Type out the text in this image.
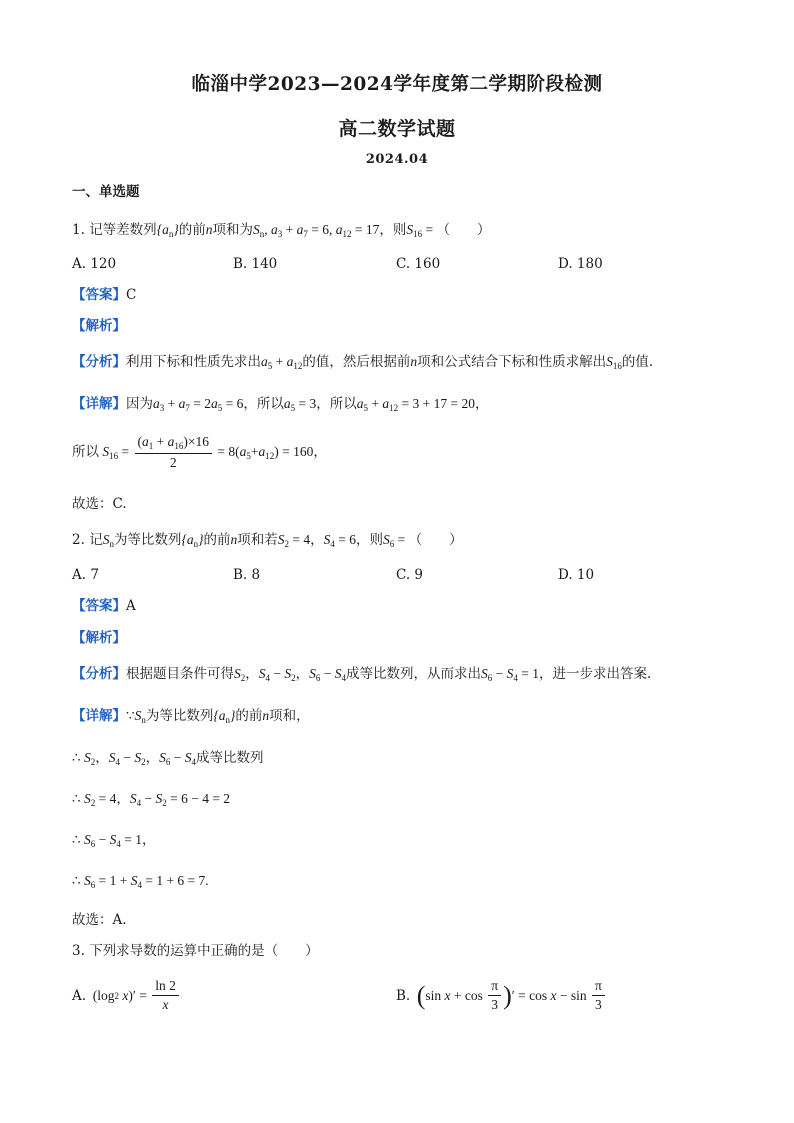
临淄中学2023—2024学年度第二学期阶段检测
高二数学试题
2024.04
一、单选题
1. 记等差数列$\{a_n\}$的前n项和为$S_n$, $a_3 + a_7 = 6$, $a_{12} = 17$，则$S_{16}$ = （　　）
A. 120	B. 140	C. 160	D. 180
【答案】C
【解析】
【分析】利用下标和性质先求出$a_5 + a_{12}$的值，然后根据前n项和公式结合下标和性质求解出$S_{16}$的值.
【详解】因为$a_3 + a_7 = 2a_5 = 6$，所以$a_5 = 3$，所以$a_5 + a_{12} = 3 + 17 = 20$，
所以 $S_{16} = \frac{(a_1 + a_{16})\times 16}{2} = 8$( $a_5 + a_{12}$ ) = 160，
故选：C.
2. 记$S_n$为等比数列$\{a_n\}$的前n项和若$S_2 = 4$，$S_4 = 6$，则$S_6$ = （　　）
A. 7	B. 8	C. 9	D. 10
【答案】A
【解析】
【分析】根据题目条件可得$S_2$，$S_4 - S_2$，$S_6 - S_4$成等比数列，从而求出$S_6 - S_4 = 1$，进一步求出答案.
【详解】$\because S_n$为等比数列$\{a_n\}$的前n项和，
∴ $S_2$，$S_4 - S_2$，$S_6 - S_4$成等比数列
∴ $S_2 = 4$，$S_4 - S_2 = 6 - 4 = 2$
∴ $S_6 - S_4 = 1$，
∴ $S_6 = 1 + S_4 = 1 + 6 = 7$.
故选：A.
3. 下列求导数的运算中正确的是（　　）
A. (log 2 x )′ = $\frac{\ln 2}{x}$	B. ( $\sin x + \cos \frac{\pi}{3}$ ) ′ = $\cos x - \sin \frac{\pi}{3}$
